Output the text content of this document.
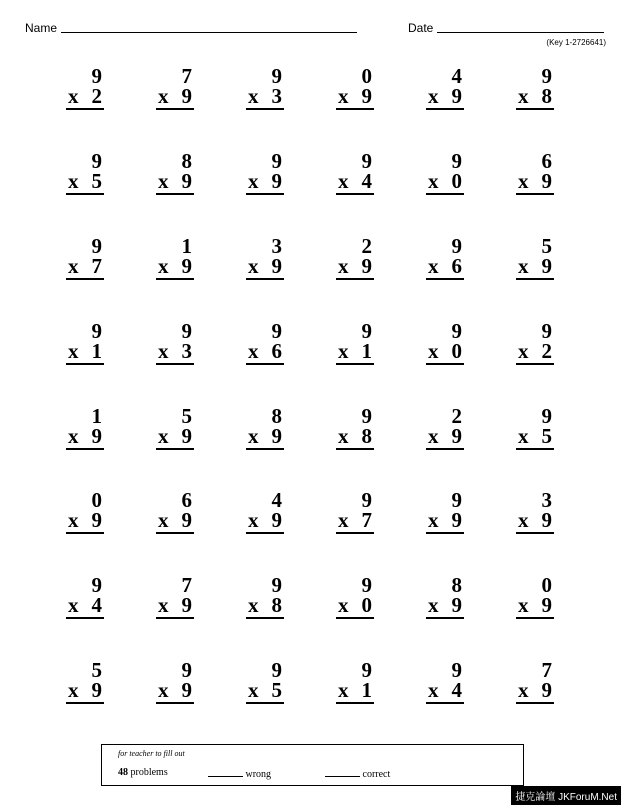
Name	Date
(Key 1-2726641)
9
x 2
7
x 9
9
x 3
0
x 9
4
x 9
9
x 8
9
x 5
8
x 9
9
x 9
9
x 4
9
x 0
6
x 9
9
x 7
1
x 9
3
x 9
2
x 9
9
x 6
5
x 9
9
x 1
9
x 3
9
x 6
9
x 1
9
x 0
9
x 2
1
x 9
5
x 9
8
x 9
9
x 8
2
x 9
9
x 5
0
x 9
6
x 9
4
x 9
9
x 7
9
x 9
3
x 9
9
x 4
7
x 9
9
x 8
9
x 0
8
x 9
0
x 9
5
x 9
9
x 9
9
x 5
9
x 1
9
x 4
7
x 9
for teacher to fill out
48 problems	wrong	correct
捷克論壇 JKForuM.Net
